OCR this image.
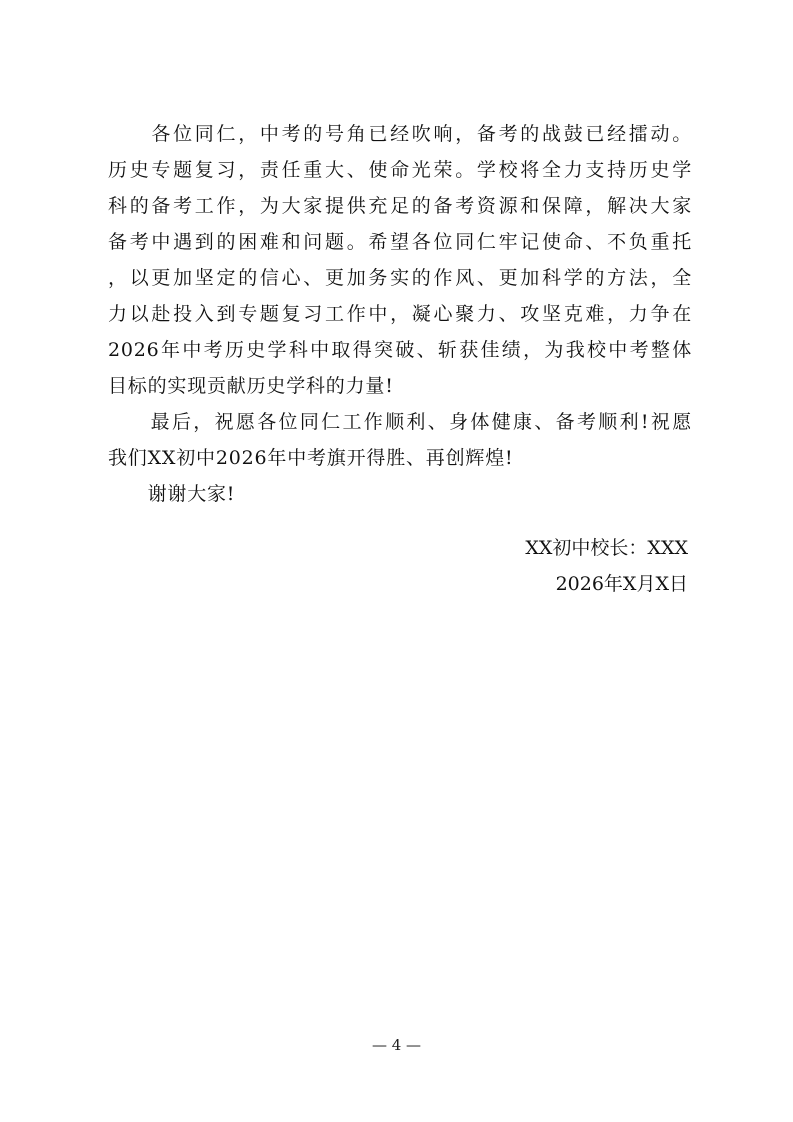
　　各位同仁，中考的号角已经吹响，备考的战鼓已经擂动。
历史专题复习，责任重大、使命光荣。学校将全力支持历史学
科的备考工作，为大家提供充足的备考资源和保障，解决大家
备考中遇到的困难和问题。希望各位同仁牢记使命、不负重托
，以更加坚定的信心、更加务实的作风、更加科学的方法，全
力以赴投入到专题复习工作中，凝心聚力、攻坚克难，力争在
2026年中考历史学科中取得突破、斩获佳绩，为我校中考整体
目标的实现贡献历史学科的力量!
　　最后，祝愿各位同仁工作顺利、身体健康、备考顺利!祝愿
我们XX初中2026年中考旗开得胜、再创辉煌!
　　谢谢大家!
XX初中校长：XXX
2026年X月X日
— 4 —
